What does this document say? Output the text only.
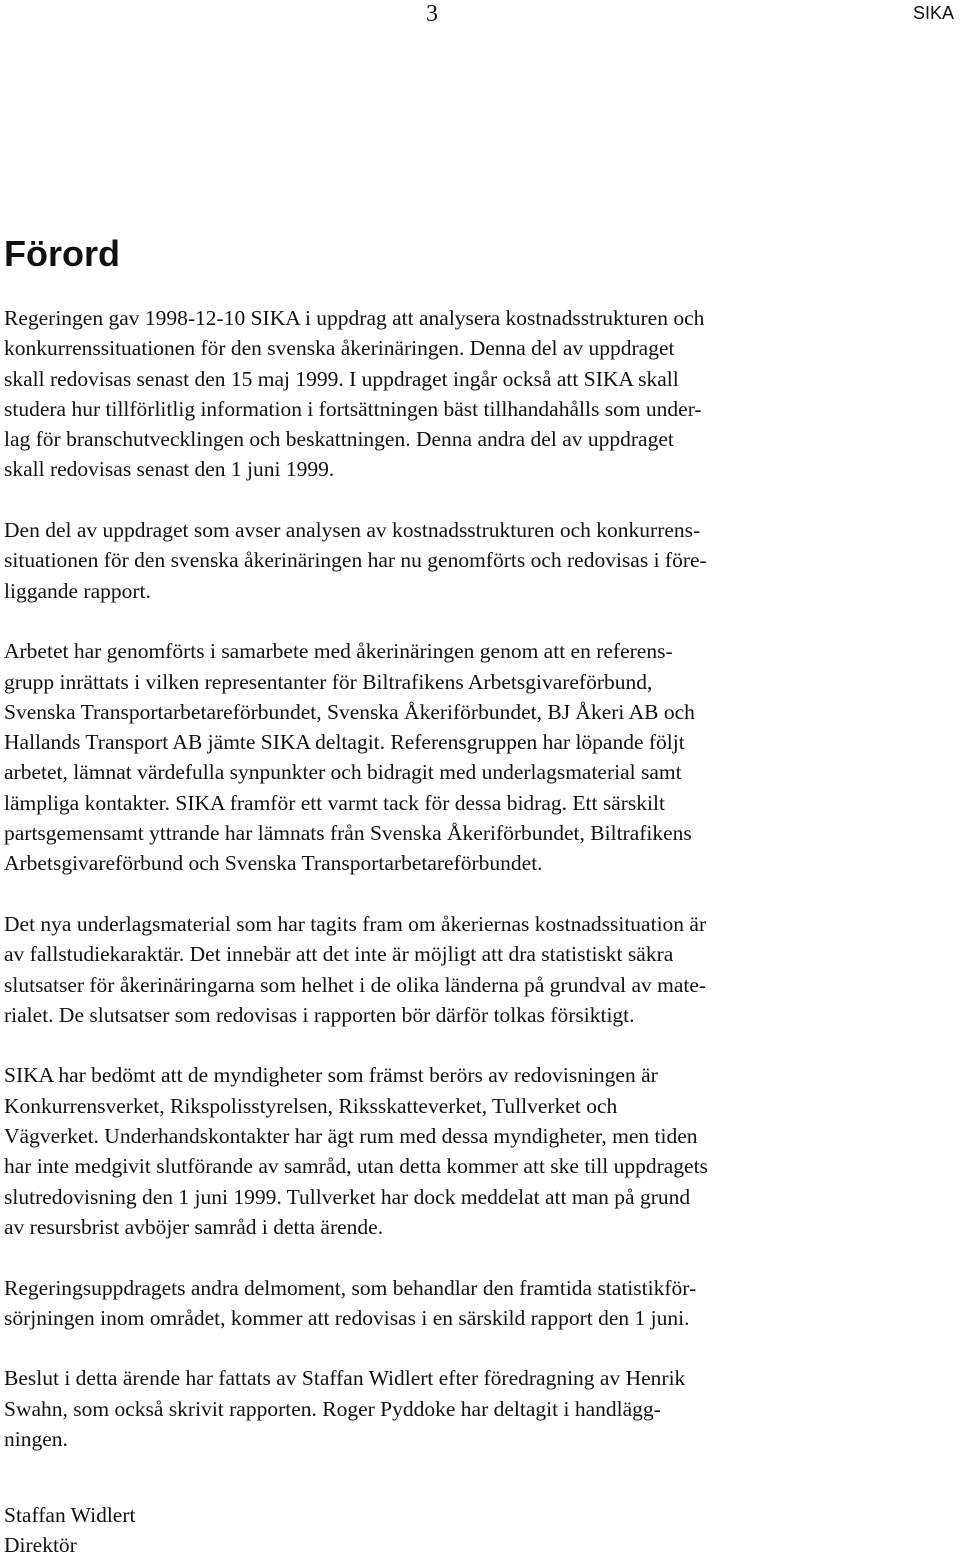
3	SIKA
Förord

Regeringen gav 1998-12-10 SIKA i uppdrag att analysera kostnadsstrukturen och
konkurrenssituationen för den svenska åkerinäringen. Denna del av uppdraget
skall redovisas senast den 15 maj 1999. I uppdraget ingår också att SIKA skall
studera hur tillförlitlig information i fortsättningen bäst tillhandahålls som under-
lag för branschutvecklingen och beskattningen. Denna andra del av uppdraget
skall redovisas senast den 1 juni 1999.

Den del av uppdraget som avser analysen av kostnadsstrukturen och konkurrens-
situationen för den svenska åkerinäringen har nu genomförts och redovisas i före-
liggande rapport.

Arbetet har genomförts i samarbete med åkerinäringen genom att en referens-
grupp inrättats i vilken representanter för Biltrafikens Arbetsgivareförbund,
Svenska Transportarbetareförbundet, Svenska Åkeriförbundet, BJ Åkeri AB och
Hallands Transport AB jämte SIKA deltagit. Referensgruppen har löpande följt
arbetet, lämnat värdefulla synpunkter och bidragit med underlagsmaterial samt
lämpliga kontakter. SIKA framför ett varmt tack för dessa bidrag. Ett särskilt
partsgemensamt yttrande har lämnats från Svenska Åkeriförbundet, Biltrafikens
Arbetsgivareförbund och Svenska Transportarbetareförbundet.

Det nya underlagsmaterial som har tagits fram om åkeriernas kostnadssituation är
av fallstudiekaraktär. Det innebär att det inte är möjligt att dra statistiskt säkra
slutsatser för åkerinäringarna som helhet i de olika länderna på grundval av mate-
rialet. De slutsatser som redovisas i rapporten bör därför tolkas försiktigt.

SIKA har bedömt att de myndigheter som främst berörs av redovisningen är
Konkurrensverket, Rikspolisstyrelsen, Riksskatteverket, Tullverket och
Vägverket. Underhandskontakter har ägt rum med dessa myndigheter, men tiden
har inte medgivit slutförande av samråd, utan detta kommer att ske till uppdragets
slutredovisning den 1 juni 1999. Tullverket har dock meddelat att man på grund
av resursbrist avböjer samråd i detta ärende.

Regeringsuppdragets andra delmoment, som behandlar den framtida statistikför-
sörjningen inom området, kommer att redovisas i en särskild rapport den 1 juni.

Beslut i detta ärende har fattats av Staffan Widlert efter föredragning av Henrik
Swahn, som också skrivit rapporten. Roger Pyddoke har deltagit i handlägg-
ningen.

Staffan Widlert
Direktör
